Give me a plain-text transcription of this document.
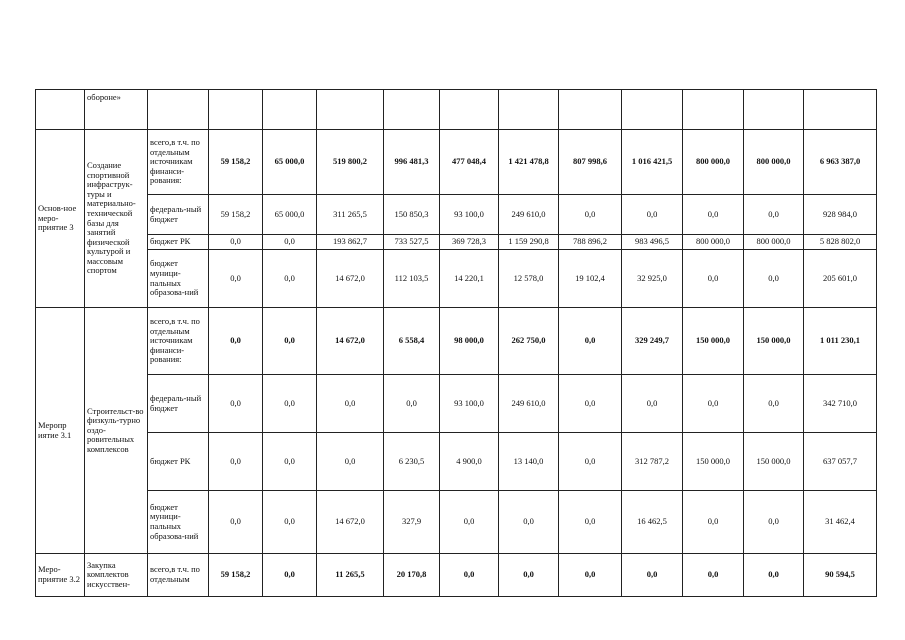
	обороне»												
Основ-ное меро-приятие 3	Создание спортивной инфраструк-туры и материально-технической базы для занятий физической культурой и массовым спортом	всего,в т.ч. по отдельным источникам финанси-рования:	59 158,2	65 000,0	519 800,2	996 481,3	477 048,4	1 421 478,8	807 998,6	1 016 421,5	800 000,0	800 000,0	6 963 387,0
		федераль-ный бюджет	59 158,2	65 000,0	311 265,5	150 850,3	93 100,0	249 610,0	0,0	0,0	0,0	0,0	928 984,0
		бюджет РК	0,0	0,0	193 862,7	733 527,5	369 728,3	1 159 290,8	788 896,2	983 496,5	800 000,0	800 000,0	5 828 802,0
		бюджет муници-пальных образова-ний	0,0	0,0	14 672,0	112 103,5	14 220,1	12 578,0	19 102,4	32 925,0	0,0	0,0	205 601,0
Меропр иятие 3.1	Строительст-во физкуль-турно оздо-ровительных комплексов	всего,в т.ч. по отдельным источникам финанси-рования:	0,0	0,0	14 672,0	6 558,4	98 000,0	262 750,0	0,0	329 249,7	150 000,0	150 000,0	1 011 230,1
		федераль-ный бюджет	0,0	0,0	0,0	0,0	93 100,0	249 610,0	0,0	0,0	0,0	0,0	342 710,0
		бюджет РК	0,0	0,0	0,0	6 230,5	4 900,0	13 140,0	0,0	312 787,2	150 000,0	150 000,0	637 057,7
		бюджет муници-пальных образова-ний	0,0	0,0	14 672,0	327,9	0,0	0,0	0,0	16 462,5	0,0	0,0	31 462,4
Меро-приятие 3.2	Закупка комплектов искусствен-	всего,в т.ч. по отдельным	59 158,2	0,0	11 265,5	20 170,8	0,0	0,0	0,0	0,0	0,0	0,0	90 594,5
